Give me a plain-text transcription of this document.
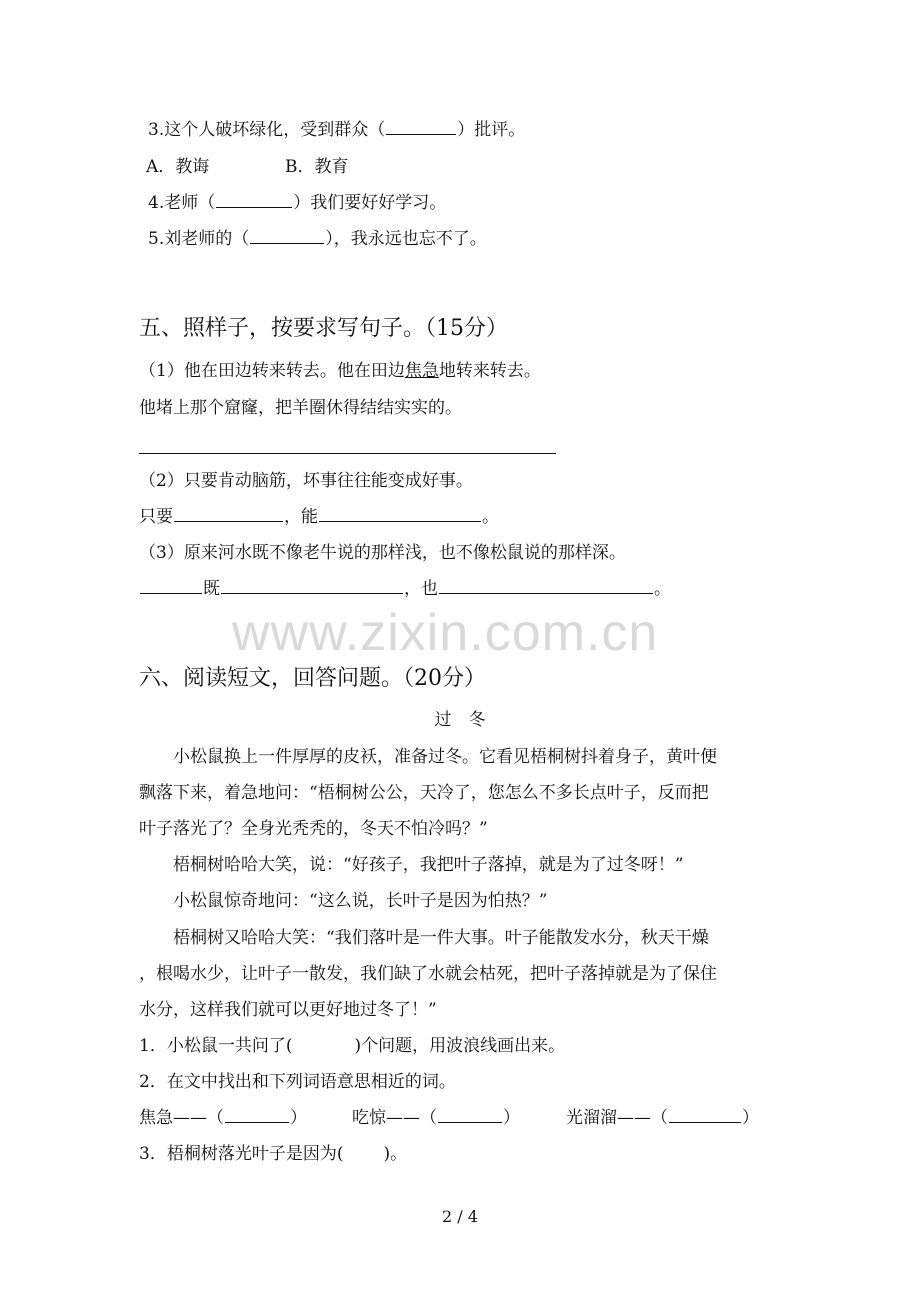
3.这个人破坏绿化，受到群众（	）批评。
A．教诲	B．教育
4.老师（	）我们要好好学习。
5.刘老师的（	），我永远也忘不了。
五、照样子，按要求写句子。（15分）
（1）他在田边转来转去。他在田边焦急地转来转去。
他堵上那个窟窿，把羊圈休得结结实实的。
（2）只要肯动脑筋，坏事往往能变成好事。
只要	，能	。
（3）原来河水既不像老牛说的那样浅，也不像松鼠说的那样深。
既	，也	。
www.zixin.com.cn
六、阅读短文，回答问题。（20分）
过　冬
小松鼠换上一件厚厚的皮袄，准备过冬。它看见梧桐树抖着身子，黄叶便
飘落下来，着急地问：“梧桐树公公，天冷了，您怎么不多长点叶子，反而把
叶子落光了？全身光秃秃的，冬天不怕冷吗？”
梧桐树哈哈大笑，说：“好孩子，我把叶子落掉，就是为了过冬呀！”
小松鼠惊奇地问：“这么说，长叶子是因为怕热？”
梧桐树又哈哈大笑：“我们落叶是一件大事。叶子能散发水分，秋天干燥
，根喝水少，让叶子一散发，我们缺了水就会枯死，把叶子落掉就是为了保住
水分，这样我们就可以更好地过冬了！”
1．小松鼠一共问了(	)个问题，用波浪线画出来。
2．在文中找出和下列词语意思相近的词。
焦急——（	）	吃惊——（	）	光溜溜——（	）
3．梧桐树落光叶子是因为( )。
2 / 4
